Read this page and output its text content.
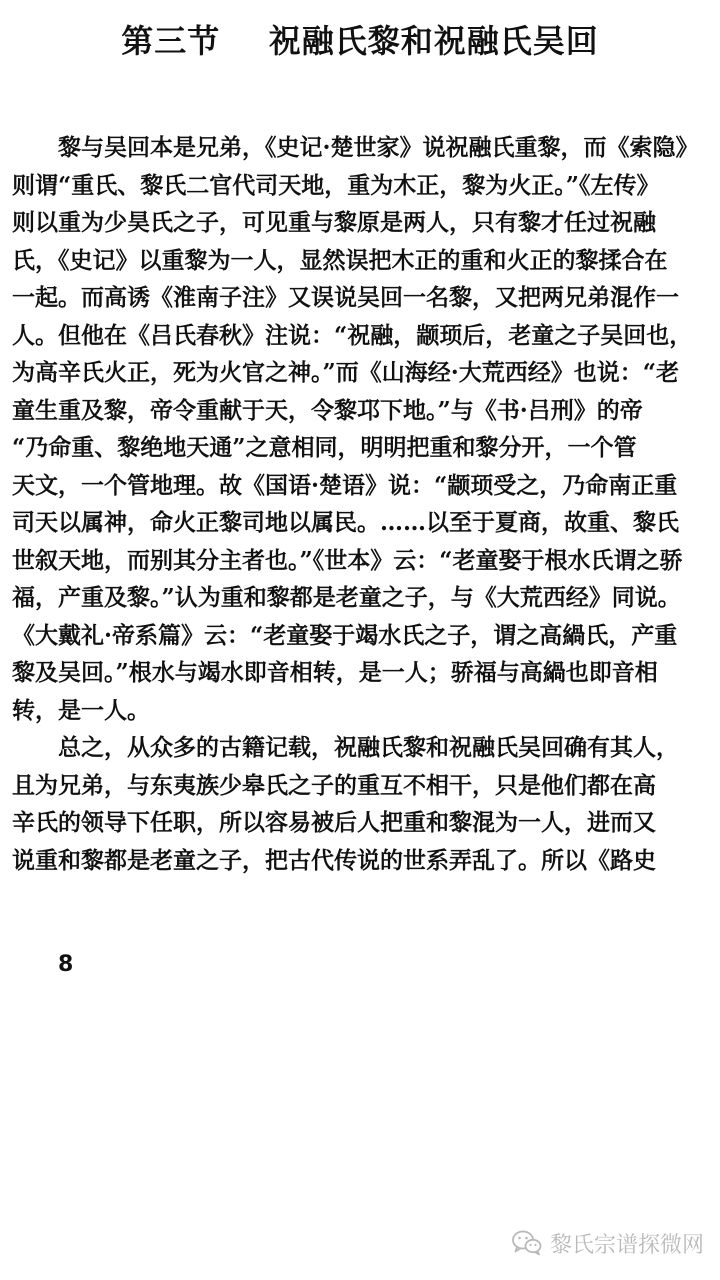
第三节    祝融氏黎和祝融氏吴回
　　黎与吴回本是兄弟，《史记·楚世家》说祝融氏重黎，而《索隐》
则谓“重氏、黎氏二官代司天地，重为木正，黎为火正。”《左传》
则以重为少昊氏之子，可见重与黎原是两人，只有黎才任过祝融
氏，《史记》以重黎为一人，显然误把木正的重和火正的黎揉合在
一起。而高诱《淮南子注》又误说吴回一名黎，又把两兄弟混作一
人。但他在《吕氏春秋》注说：“祝融，颛顼后，老童之子吴回也，
为高辛氏火正，死为火官之神。”而《山海经·大荒西经》也说：“老
童生重及黎，帝令重献于天，令黎邛下地。”与《书·吕刑》的帝
“乃命重、黎绝地天通”之意相同，明明把重和黎分开，一个管
天文，一个管地理。故《国语·楚语》说：“颛顼受之，乃命南正重
司天以属神，命火正黎司地以属民。……以至于夏商，故重、黎氏
世叙天地，而别其分主者也。”《世本》云：“老童娶于根水氏谓之骄
福，产重及黎。”认为重和黎都是老童之子，与《大荒西经》同说。
《大戴礼·帝系篇》云：“老童娶于竭水氏之子，谓之高緺氏，产重
黎及吴回。”根水与竭水即音相转，是一人；骄福与高緺也即音相
转，是一人。
　　总之，从众多的古籍记载，祝融氏黎和祝融氏吴回确有其人，
且为兄弟，与东夷族少皋氏之子的重互不相干，只是他们都在高
辛氏的领导下任职，所以容易被后人把重和黎混为一人，进而又
说重和黎都是老童之子，把古代传说的世系弄乱了。所以《路史
8
黎氏宗谱探微网
